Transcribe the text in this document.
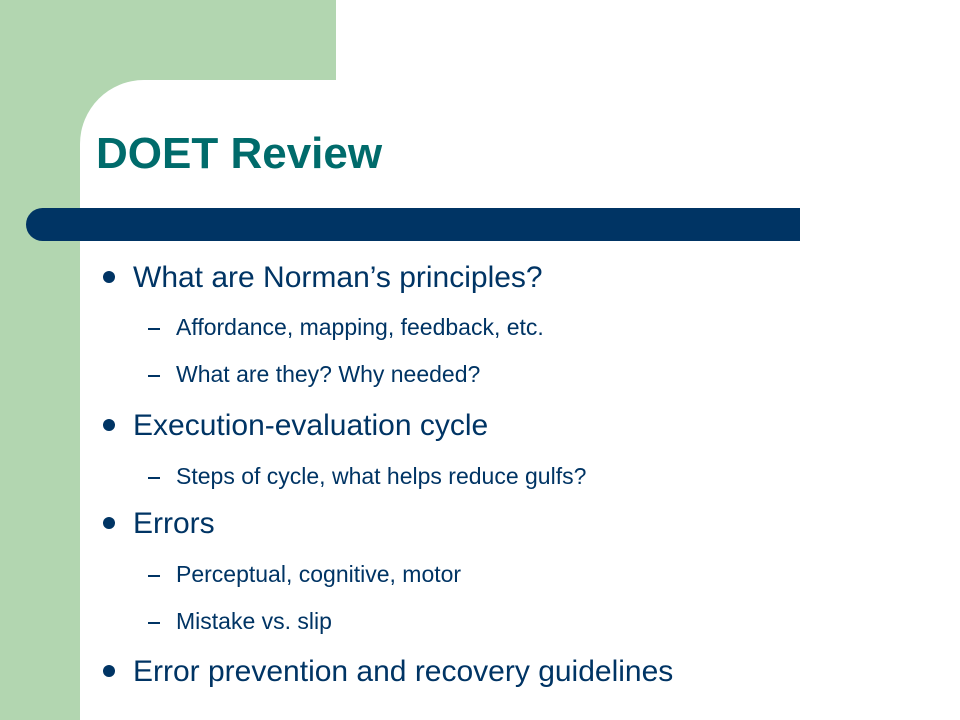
DOET Review
What are Norman’s principles?
Affordance, mapping, feedback, etc.
What are they? Why needed?
Execution-evaluation cycle
Steps of cycle, what helps reduce gulfs?
Errors
Perceptual, cognitive, motor
Mistake vs. slip
Error prevention and recovery guidelines
